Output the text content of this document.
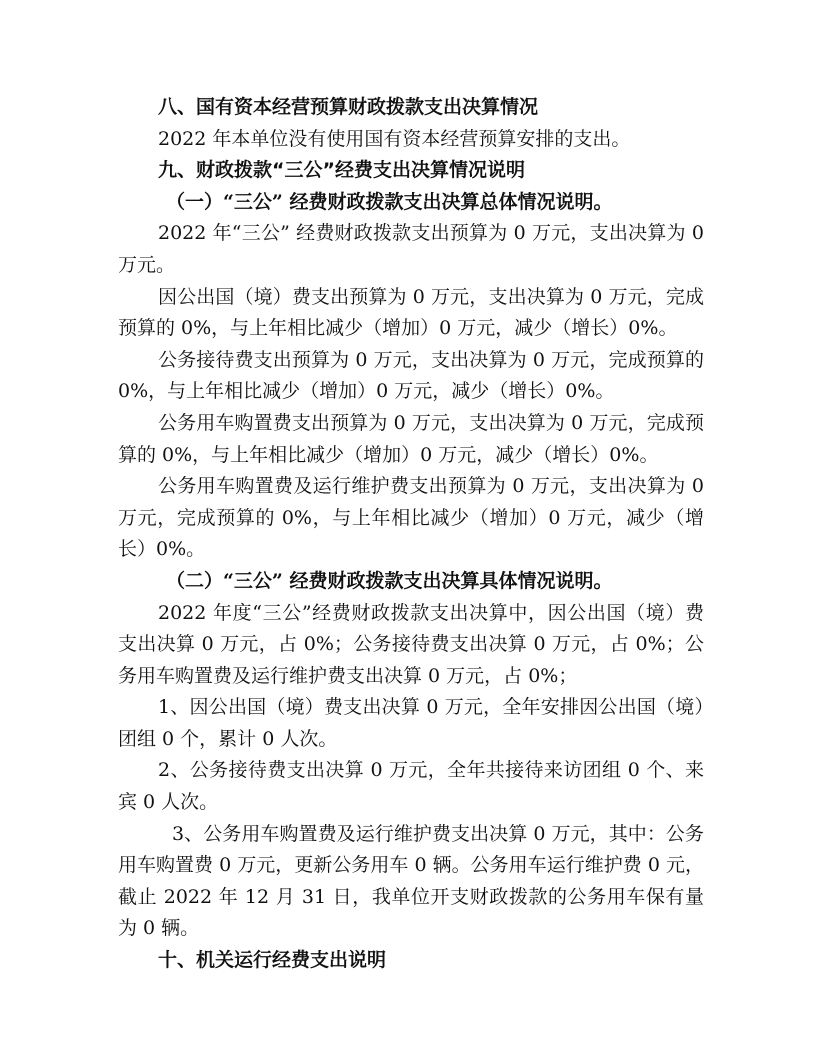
八、国有资本经营预算财政拨款支出决算情况

2022 年本单位没有使用国有资本经营预算安排的支出。

九、财政拨款“三公”经费支出决算情况说明

（一）“三公” 经费财政拨款支出决算总体情况说明。

2022 年“三公” 经费财政拨款支出预算为 0 万元，支出决算为 0 万元。

因公出国（境）费支出预算为 0 万元，支出决算为 0 万元，完成预算的 0%，与上年相比减少（增加）0 万元，减少（增长）0%。

公务接待费支出预算为 0 万元，支出决算为 0 万元，完成预算的 0%，与上年相比减少（增加）0 万元，减少（增长）0%。

公务用车购置费支出预算为 0 万元，支出决算为 0 万元，完成预算的 0%，与上年相比减少（增加）0 万元，减少（增长）0%。

公务用车购置费及运行维护费支出预算为 0 万元，支出决算为 0 万元，完成预算的 0%，与上年相比减少（增加）0 万元，减少（增长）0%。

（二）“三公” 经费财政拨款支出决算具体情况说明。

2022 年度“三公”经费财政拨款支出决算中，因公出国（境）费支出决算 0 万元，占 0%；公务接待费支出决算 0 万元，占 0%；公务用车购置费及运行维护费支出决算 0 万元，占 0%；

1、因公出国（境）费支出决算 0 万元，全年安排因公出国（境）团组 0 个，累计 0 人次。

2、公务接待费支出决算 0 万元，全年共接待来访团组 0 个、来宾 0 人次。

3、公务用车购置费及运行维护费支出决算 0 万元，其中：公务用车购置费 0 万元，更新公务用车 0 辆。公务用车运行维护费 0 元，截止 2022 年 12 月 31 日，我单位开支财政拨款的公务用车保有量为 0 辆。

十、机关运行经费支出说明
